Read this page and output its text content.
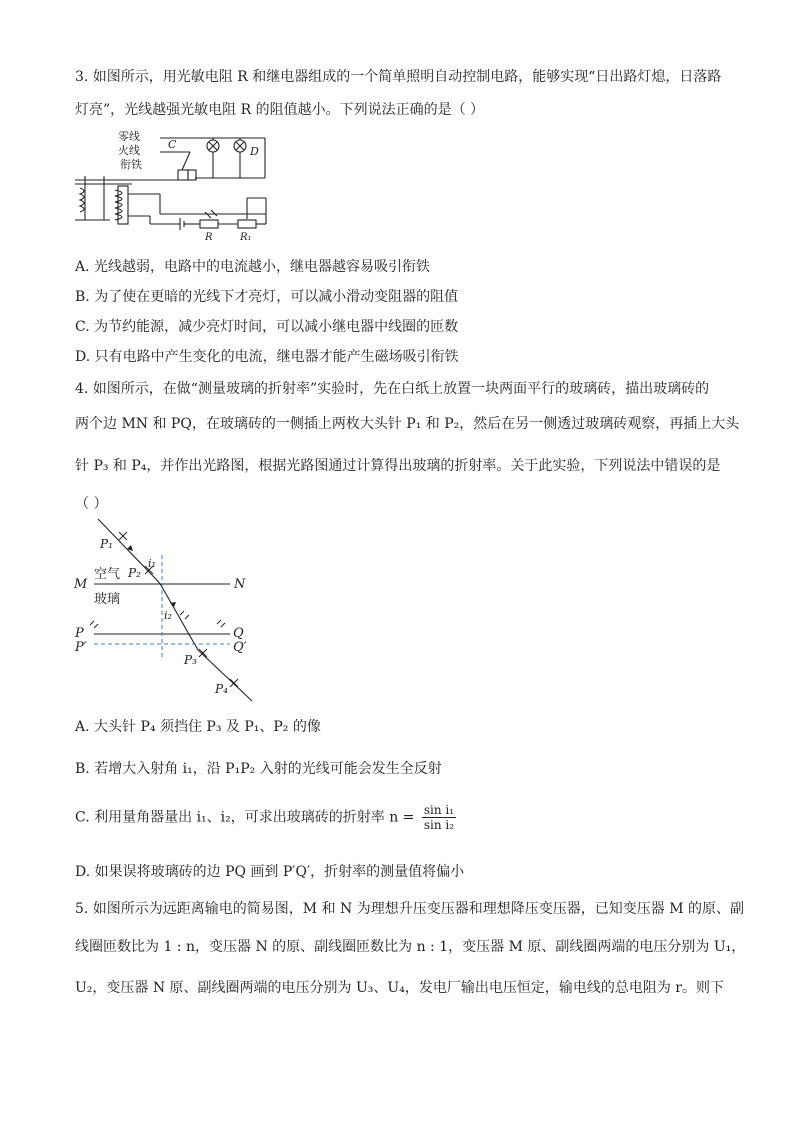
3. 如图所示，用光敏电阻 R 和继电器组成的一个简单照明自动控制电路，能够实现“日出路灯熄，日落路
灯亮”，光线越强光敏电阻 R 的阻值越小。下列说法正确的是（ ）
零线
火线
衔铁
C
D
R	R₁
A. 光线越弱，电路中的电流越小，继电器越容易吸引衔铁
B. 为了使在更暗的光线下才亮灯，可以减小滑动变阻器的阻值
C. 为节约能源，减少亮灯时间，可以减小继电器中线圈的匝数
D. 只有电路中产生变化的电流，继电器才能产生磁场吸引衔铁
4. 如图所示，在做“测量玻璃的折射率”实验时，先在白纸上放置一块两面平行的玻璃砖，描出玻璃砖的
两个边 MN 和 PQ，在玻璃砖的一侧插上两枚大头针 P₁ 和 P₂，然后在另一侧透过玻璃砖观察，再插上大头
针 P₃ 和 P₄，并作出光路图，根据光路图通过计算得出玻璃的折射率。关于此实验，下列说法中错误的是
（ ）
P₁
P₂
i₁
i₂
M	N
空气
玻璃
P
P′
Q
Q′
P₃
P₄
A. 大头针 P₄ 须挡住 P₃ 及 P₁、P₂ 的像
B. 若增大入射角 i₁，沿 P₁P₂ 入射的光线可能会发生全反射
C. 利用量角器量出 i₁、i₂，可求出玻璃砖的折射率 $n = \frac{\text{sin i₁}}{\text{sin i₂}}$
D. 如果误将玻璃砖的边 PQ 画到 P′Q′，折射率的测量值将偏小
5. 如图所示为远距离输电的简易图，M 和 N 为理想升压变压器和理想降压变压器，已知变压器 M 的原、副
线圈匝数比为 1 : n，变压器 N 的原、副线圈匝数比为 n : 1，变压器 M 原、副线圈两端的电压分别为 U₁，
U₂，变压器 N 原、副线圈两端的电压分别为 U₃、U₄，发电厂输出电压恒定，输电线的总电阻为 r。则下
